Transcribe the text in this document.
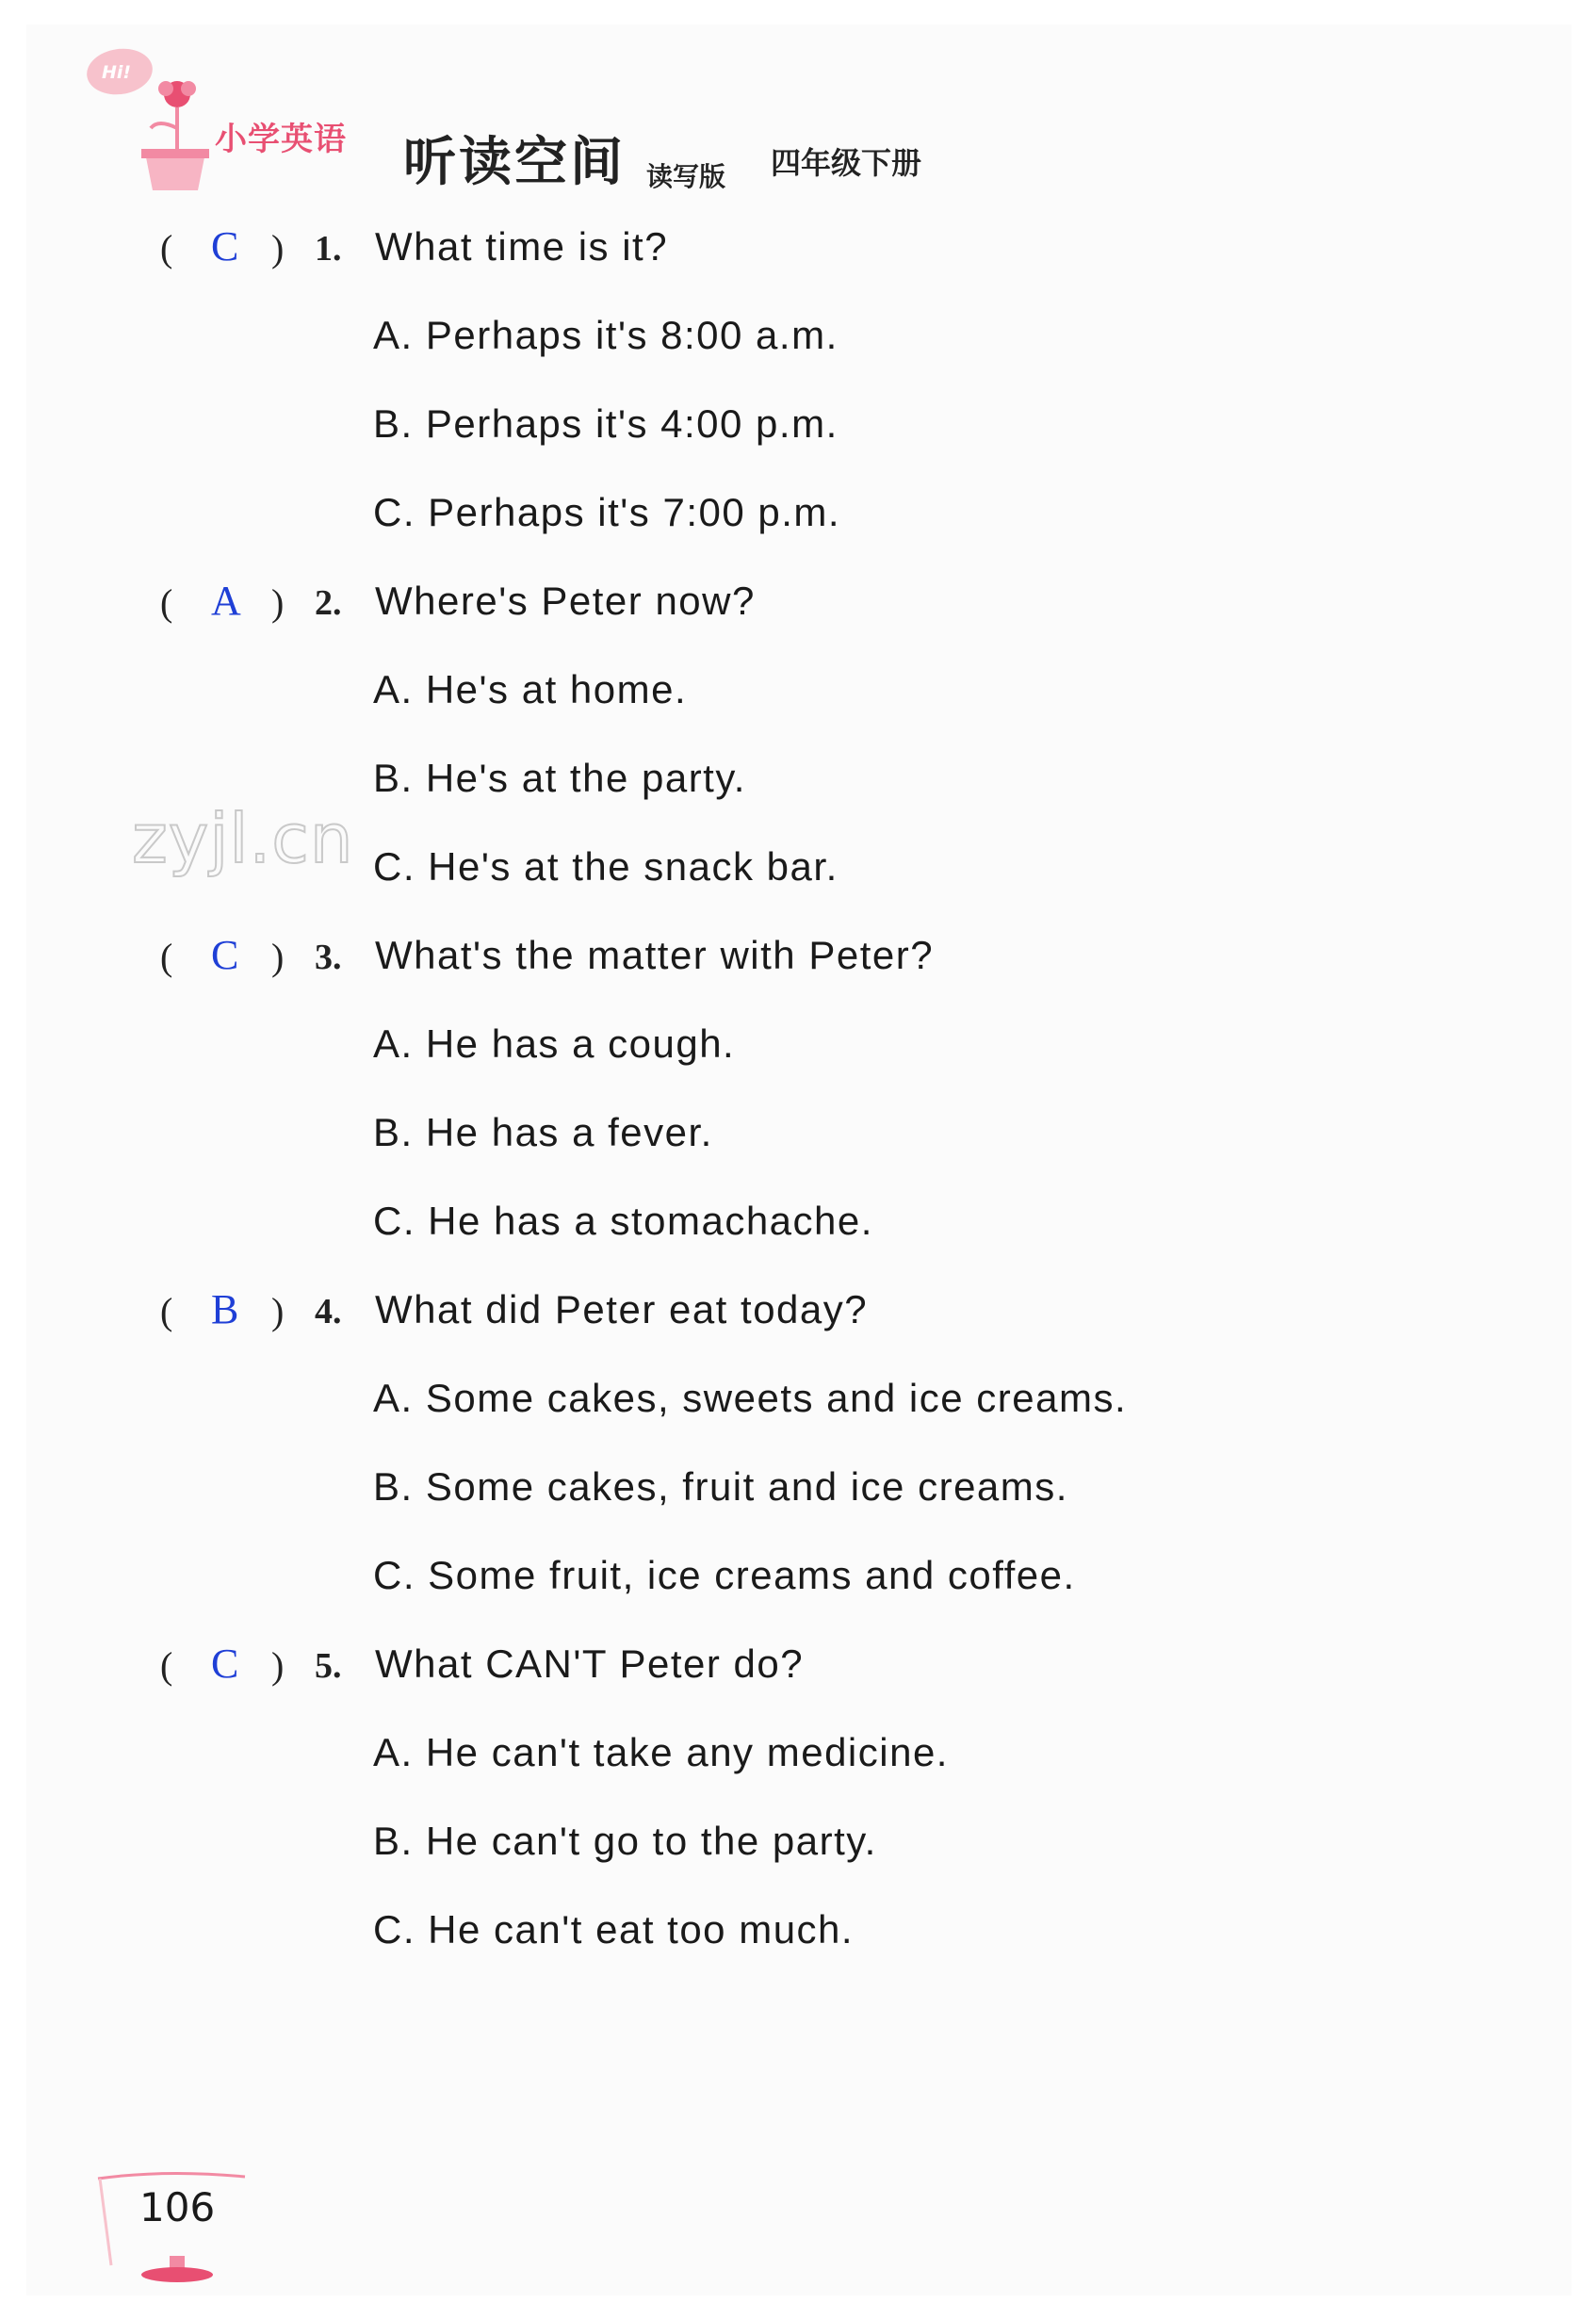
Hi!
小学英语 听读空间 读写版 四年级下册
( C ) 1. What time is it?
A. Perhaps it's 8:00 a.m.
B. Perhaps it's 4:00 p.m.
C. Perhaps it's 7:00 p.m.
( A ) 2. Where's Peter now?
A. He's at home.
B. He's at the party.
C. He's at the snack bar.
( C ) 3. What's the matter with Peter?
A. He has a cough.
B. He has a fever.
C. He has a stomachache.
( B ) 4. What did Peter eat today?
A. Some cakes, sweets and ice creams.
B. Some cakes, fruit and ice creams.
C. Some fruit, ice creams and coffee.
( C ) 5. What CAN'T Peter do?
A. He can't take any medicine.
B. He can't go to the party.
C. He can't eat too much.
zyjl.cn
106
